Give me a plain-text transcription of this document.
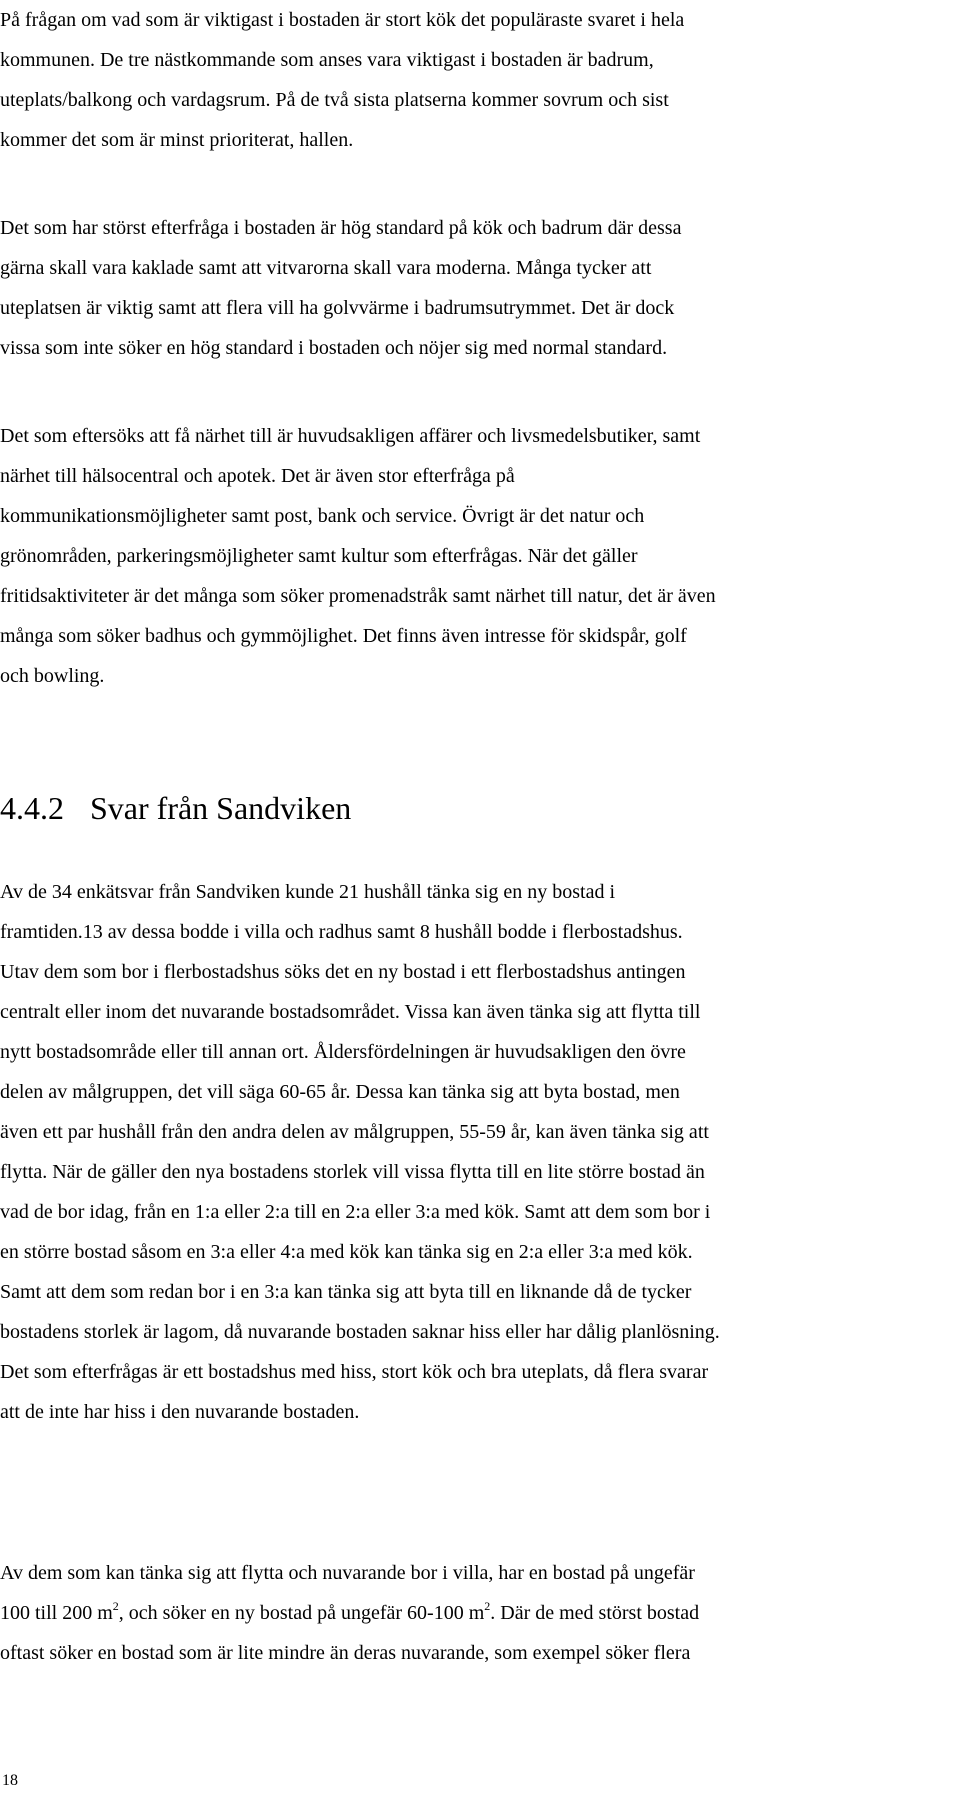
På frågan om vad som är viktigast i bostaden är stort kök det populäraste svaret i hela
kommunen. De tre nästkommande som anses vara viktigast i bostaden är badrum,
uteplats/balkong och vardagsrum. På de två sista platserna kommer sovrum och sist
kommer det som är minst prioriterat, hallen.

Det som har störst efterfråga i bostaden är hög standard på kök och badrum där dessa
gärna skall vara kaklade samt att vitvarorna skall vara moderna. Många tycker att
uteplatsen är viktig samt att flera vill ha golvvärme i badrumsutrymmet. Det är dock
vissa som inte söker en hög standard i bostaden och nöjer sig med normal standard.

Det som eftersöks att få närhet till är huvudsakligen affärer och livsmedelsbutiker, samt
närhet till hälsocentral och apotek. Det är även stor efterfråga på
kommunikationsmöjligheter samt post, bank och service. Övrigt är det natur och
grönområden, parkeringsmöjligheter samt kultur som efterfrågas. När det gäller
fritidsaktiviteter är det många som söker promenadstråk samt närhet till natur, det är även
många som söker badhus och gymmöjlighet. Det finns även intresse för skidspår, golf
och bowling.

4.4.2 Svar från Sandviken

Av de 34 enkätsvar från Sandviken kunde 21 hushåll tänka sig en ny bostad i
framtiden.13 av dessa bodde i villa och radhus samt 8 hushåll bodde i flerbostadshus.
Utav dem som bor i flerbostadshus söks det en ny bostad i ett flerbostadshus antingen
centralt eller inom det nuvarande bostadsområdet. Vissa kan även tänka sig att flytta till
nytt bostadsområde eller till annan ort. Åldersfördelningen är huvudsakligen den övre
delen av målgruppen, det vill säga 60-65 år. Dessa kan tänka sig att byta bostad, men
även ett par hushåll från den andra delen av målgruppen, 55-59 år, kan även tänka sig att
flytta. När de gäller den nya bostadens storlek vill vissa flytta till en lite större bostad än
vad de bor idag, från en 1:a eller 2:a till en 2:a eller 3:a med kök. Samt att dem som bor i
en större bostad såsom en 3:a eller 4:a med kök kan tänka sig en 2:a eller 3:a med kök.
Samt att dem som redan bor i en 3:a kan tänka sig att byta till en liknande då de tycker
bostadens storlek är lagom, då nuvarande bostaden saknar hiss eller har dålig planlösning.
Det som efterfrågas är ett bostadshus med hiss, stort kök och bra uteplats, då flera svarar
att de inte har hiss i den nuvarande bostaden.

Av dem som kan tänka sig att flytta och nuvarande bor i villa, har en bostad på ungefär
100 till 200 $m^2$, och söker en ny bostad på ungefär 60-100 $m^2$. Där de med störst bostad
oftast söker en bostad som är lite mindre än deras nuvarande, som exempel söker flera

18
